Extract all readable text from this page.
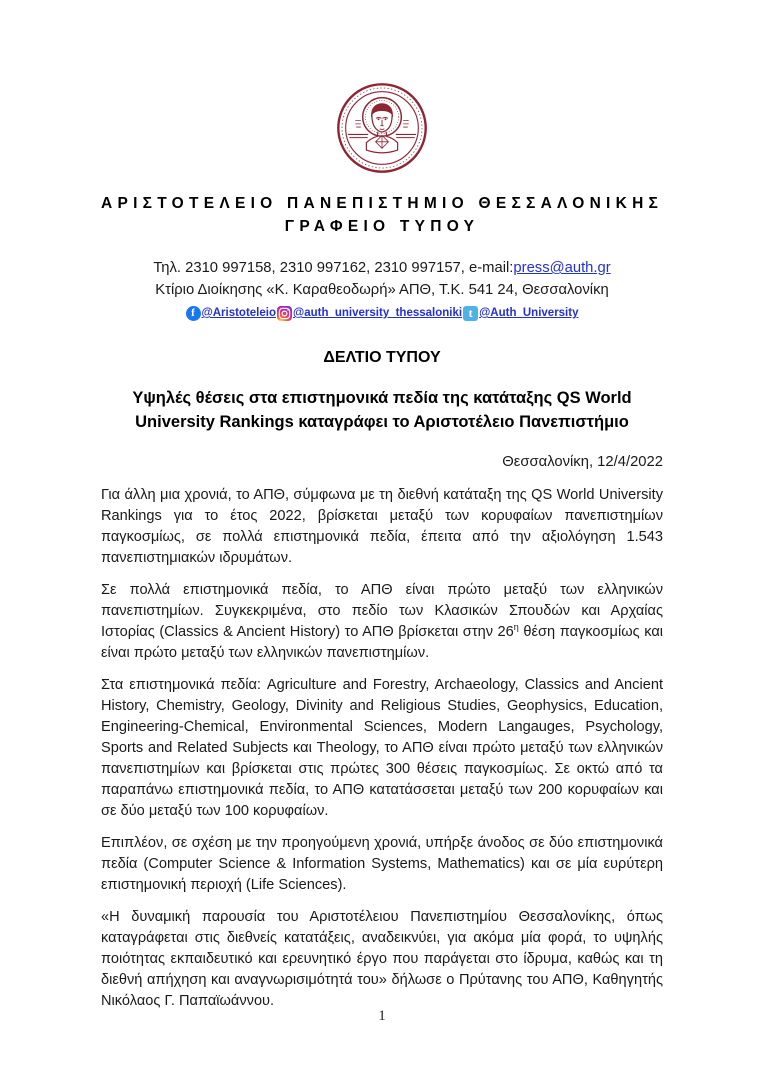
ΑΡΙΣΤΟΤΕΛΕΙΟ ΠΑΝΕΠΙΣΤΗΜΙΟ ΘΕΣΣΑΛΟΝΙΚΗΣ
ΓΡΑΦΕΙΟ ΤΥΠΟΥ
Τηλ. 2310 997158, 2310 997162, 2310 997157, e-mail:press@auth.gr
Κτίριο Διοίκησης «Κ. Καραθεοδωρή» ΑΠΘ, Τ.Κ. 541 24, Θεσσαλονίκη
f @Aristoteleio @auth_university_thessaloniki t @Auth_University
ΔΕΛΤΙΟ ΤΥΠΟΥ
Υψηλές θέσεις στα επιστημονικά πεδία της κατάταξης QS World
University Rankings καταγράφει το Αριστοτέλειο Πανεπιστήμιο
Θεσσαλονίκη, 12/4/2022

Για άλλη μια χρονιά, το ΑΠΘ, σύμφωνα με τη διεθνή κατάταξη της QS World University Rankings για το έτος 2022, βρίσκεται μεταξύ των κορυφαίων πανεπιστημίων παγκοσμίως, σε πολλά επιστημονικά πεδία, έπειτα από την αξιολόγηση 1.543 πανεπιστημιακών ιδρυμάτων.

Σε πολλά επιστημονικά πεδία, το ΑΠΘ είναι πρώτο μεταξύ των ελληνικών πανεπιστημίων. Συγκεκριμένα, στο πεδίο των Κλασικών Σπουδών και Αρχαίας Ιστορίας (Classics & Ancient History) το ΑΠΘ βρίσκεται στην $26^\eta$ θέση παγκοσμίως και είναι πρώτο μεταξύ των ελληνικών πανεπιστημίων.

Στα επιστημονικά πεδία: Agriculture and Forestry, Archaeology, Classics and Ancient History, Chemistry, Geology, Divinity and Religious Studies, Geophysics, Education, Engineering-Chemical, Environmental Sciences, Modern Langauges, Psychology, Sports and Related Subjects και Theology, το ΑΠΘ είναι πρώτο μεταξύ των ελληνικών πανεπιστημίων και βρίσκεται στις πρώτες 300 θέσεις παγκοσμίως. Σε οκτώ από τα παραπάνω επιστημονικά πεδία, το ΑΠΘ κατατάσσεται μεταξύ των 200 κορυφαίων και σε δύο μεταξύ των 100 κορυφαίων.

Επιπλέον, σε σχέση με την προηγούμενη χρονιά, υπήρξε άνοδος σε δύο επιστημονικά πεδία (Computer Science & Information Systems, Mathematics) και σε μία ευρύτερη επιστημονική περιοχή (Life Sciences).

«Η δυναμική παρουσία του Αριστοτέλειου Πανεπιστημίου Θεσσαλονίκης, όπως καταγράφεται στις διεθνείς κατατάξεις, αναδεικνύει, για ακόμα μία φορά, το υψηλής ποιότητας εκπαιδευτικό και ερευνητικό έργο που παράγεται στο ίδρυμα, καθώς και τη διεθνή απήχηση και αναγνωρισιμότητά του» δήλωσε ο Πρύτανης του ΑΠΘ, Καθηγητής Νικόλαος Γ. Παπαϊωάννου.

1
